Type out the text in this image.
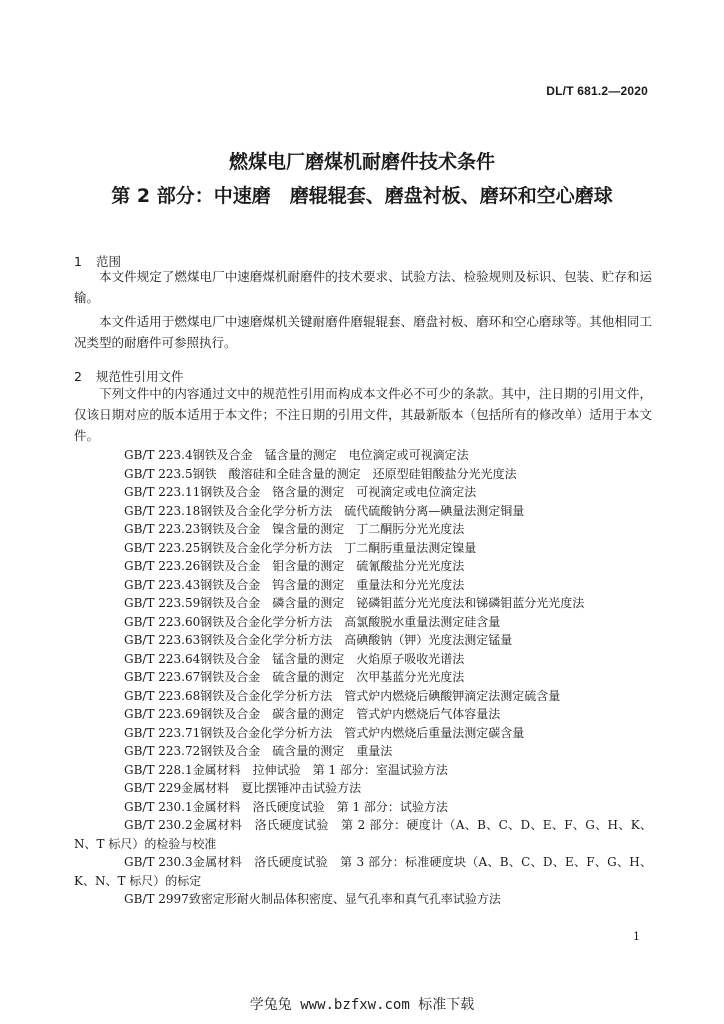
DL/T 681.2—2020
燃煤电厂磨煤机耐磨件技术条件
第 2 部分：中速磨　磨辊辊套、磨盘衬板、磨环和空心磨球
1 范围

本文件规定了燃煤电厂中速磨煤机耐磨件的技术要求、试验方法、检验规则及标识、包装、贮存和运输。

本文件适用于燃煤电厂中速磨煤机关键耐磨件磨辊辊套、磨盘衬板、磨环和空心磨球等。其他相同工况类型的耐磨件可参照执行。

2 规范性引用文件

下列文件中的内容通过文中的规范性引用而构成本文件必不可少的条款。其中，注日期的引用文件，仅该日期对应的版本适用于本文件；不注日期的引用文件，其最新版本（包括所有的修改单）适用于本文件。

GB/T 223.4钢铁及合金　锰含量的测定　电位滴定或可视滴定法
GB/T 223.5钢铁　酸溶硅和全硅含量的测定　还原型硅钼酸盐分光光度法
GB/T 223.11钢铁及合金　铬含量的测定　可视滴定或电位滴定法
GB/T 223.18钢铁及合金化学分析方法　硫代硫酸钠分离—碘量法测定铜量
GB/T 223.23钢铁及合金　镍含量的测定　丁二酮肟分光光度法
GB/T 223.25钢铁及合金化学分析方法　丁二酮肟重量法测定镍量
GB/T 223.26钢铁及合金　钼含量的测定　硫氰酸盐分光光度法
GB/T 223.43钢铁及合金　钨含量的测定　重量法和分光光度法
GB/T 223.59钢铁及合金　磷含量的测定　铋磷钼蓝分光光度法和锑磷钼蓝分光光度法
GB/T 223.60钢铁及合金化学分析方法　高氯酸脱水重量法测定硅含量
GB/T 223.63钢铁及合金化学分析方法　高碘酸钠（钾）光度法测定锰量
GB/T 223.64钢铁及合金　锰含量的测定　火焰原子吸收光谱法
GB/T 223.67钢铁及合金　硫含量的测定　次甲基蓝分光光度法
GB/T 223.68钢铁及合金化学分析方法　管式炉内燃烧后碘酸钾滴定法测定硫含量
GB/T 223.69钢铁及合金　碳含量的测定　管式炉内燃烧后气体容量法
GB/T 223.71钢铁及合金化学分析方法　管式炉内燃烧后重量法测定碳含量
GB/T 223.72钢铁及合金　硫含量的测定　重量法
GB/T 228.1金属材料　拉伸试验　第 1 部分：室温试验方法
GB/T 229金属材料　夏比摆锤冲击试验方法
GB/T 230.1金属材料　洛氏硬度试验　第 1 部分：试验方法
GB/T 230.2金属材料　洛氏硬度试验　第 2 部分：硬度计（A、B、C、D、E、F、G、H、K、N、T 标尺）的检验与校准
GB/T 230.3金属材料　洛氏硬度试验　第 3 部分：标准硬度块（A、B、C、D、E、F、G、H、K、N、T 标尺）的标定
GB/T 2997致密定形耐火制品体积密度、显气孔率和真气孔率试验方法
1
学兔兔 www.bzfxw.com 标准下载
